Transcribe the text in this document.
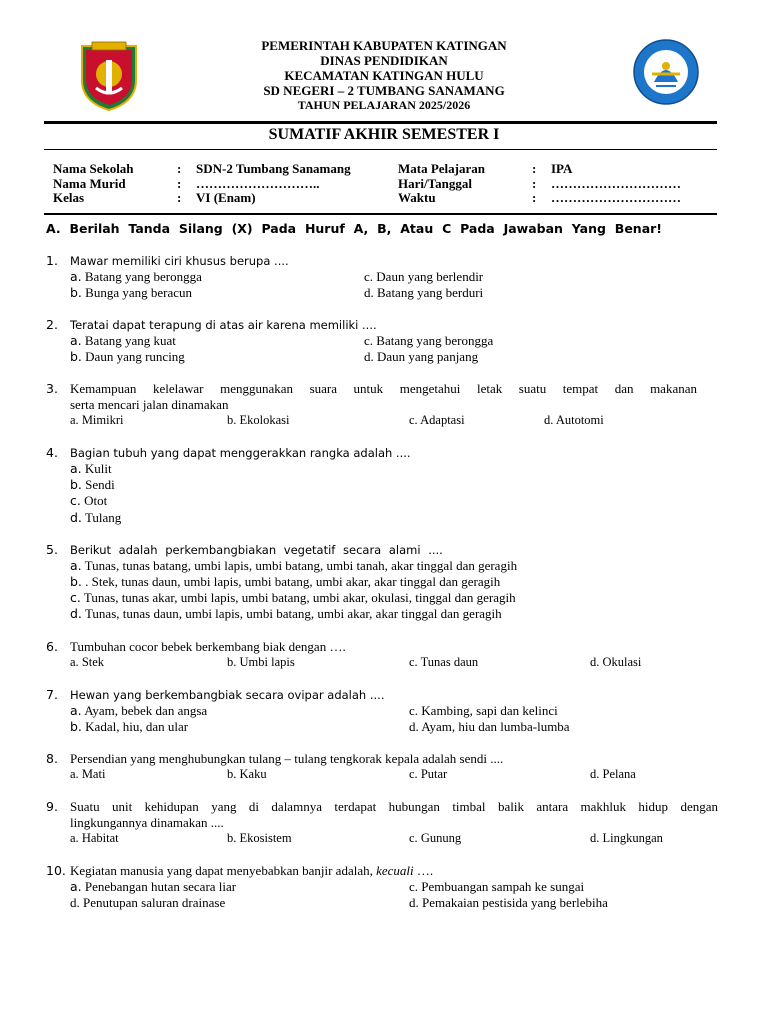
PEMERINTAH KABUPATEN KATINGAN
DINAS PENDIDIKAN
KECAMATAN KATINGAN HULU
SD NEGERI – 2 TUMBANG SANAMANG
TAHUN PELAJARAN 2025/2026
SUMATIF AKHIR SEMESTER I
Nama Sekolah	: SDN-2 Tumbang Sanamang	Mata Pelajaran	: IPA
Nama Murid	: ………………………..	Hari/Tanggal	: …………………………
Kelas	: VI (Enam)	Waktu	: …………………………
A. Berilah Tanda Silang (X) Pada Huruf A, B, Atau C Pada Jawaban Yang Benar!
1. Mawar memiliki ciri khusus berupa ....
a. Batang yang berongga	c. Daun yang berlendir
b. Bunga yang beracun	d. Batang yang berduri
2. Teratai dapat terapung di atas air karena memiliki ....
a. Batang yang kuat	c. Batang yang berongga
b. Daun yang runcing	d. Daun yang panjang
3. Kemampuan kelelawar menggunakan suara untuk mengetahui letak suatu tempat dan makanan
serta mencari jalan dinamakan
a. Mimikri	b. Ekolokasi	c. Adaptasi	d. Autotomi
4. Bagian tubuh yang dapat menggerakkan rangka adalah ....
a. Kulit
b. Sendi
c. Otot
d. Tulang
5. Berikut adalah perkembangbiakan vegetatif secara alami ....
a. Tunas, tunas batang, umbi lapis, umbi batang, umbi tanah, akar tinggal dan geragih
b. . Stek, tunas daun, umbi lapis, umbi batang, umbi akar, akar tinggal dan geragih
c. Tunas, tunas akar, umbi lapis, umbi batang, umbi akar, okulasi, tinggal dan geragih
d. Tunas, tunas daun, umbi lapis, umbi batang, umbi akar, akar tinggal dan geragih
6. Tumbuhan cocor bebek berkembang biak dengan ….
a. Stek	b. Umbi lapis	c. Tunas daun	d. Okulasi
7. Hewan yang berkembangbiak secara ovipar adalah ....
a. Ayam, bebek dan angsa	c. Kambing, sapi dan kelinci
b. Kadal, hiu, dan ular	d. Ayam, hiu dan lumba-lumba
8. Persendian yang menghubungkan tulang – tulang tengkorak kepala adalah sendi ....
a. Mati	b. Kaku	c. Putar	d. Pelana
9. Suatu unit kehidupan yang di dalamnya terdapat hubungan timbal balik antara makhluk hidup dengan
lingkungannya dinamakan ....
a. Habitat	b. Ekosistem	c. Gunung	d. Lingkungan
10. Kegiatan manusia yang dapat menyebabkan banjir adalah, kecuali ….
a. Penebangan hutan secara liar	c. Pembuangan sampah ke sungai
d. Penutupan saluran drainase	d. Pemakaian pestisida yang berlebiha
